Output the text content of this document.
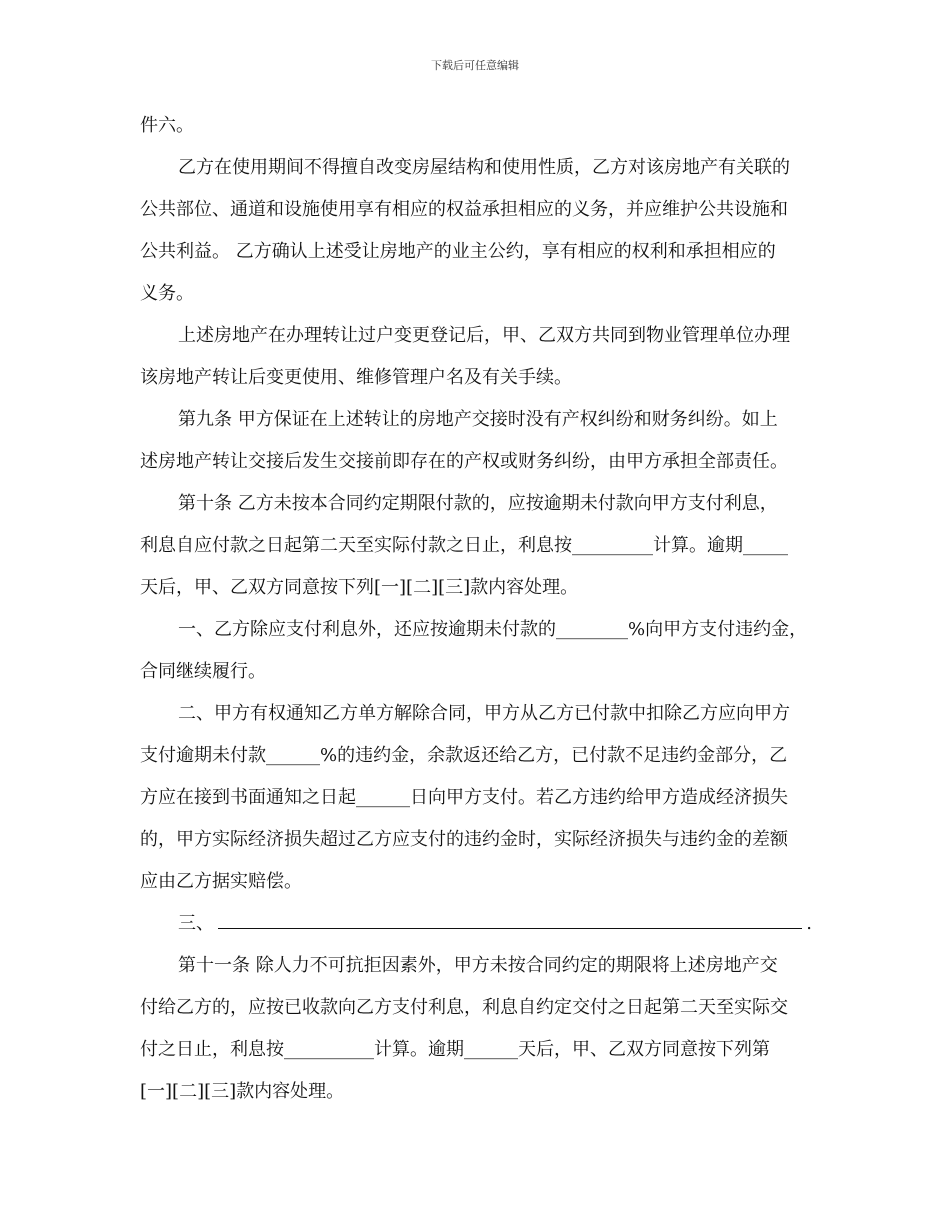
下载后可任意编辑
件六。
乙方在使用期间不得擅自改变房屋结构和使用性质，乙方对该房地产有关联的
公共部位、通道和设施使用享有相应的权益承担相应的义务，并应维护公共设施和
公共利益。 乙方确认上述受让房地产的业主公约，享有相应的权利和承担相应的
义务。
上述房地产在办理转让过户变更登记后，甲、乙双方共同到物业管理单位办理
该房地产转让后变更使用、维修管理户名及有关手续。
第九条 甲方保证在上述转让的房地产交接时没有产权纠纷和财务纠纷。如上
述房地产转让交接后发生交接前即存在的产权或财务纠纷，由甲方承担全部责任。
第十条 乙方未按本合同约定期限付款的，应按逾期未付款向甲方支付利息，
利息自应付款之日起第二天至实际付款之日止，利息按_________计算。逾期_____
天后，甲、乙双方同意按下列[一][二][三]款内容处理。
一、乙方除应支付利息外，还应按逾期未付款的________%向甲方支付违约金，
合同继续履行。
二、甲方有权通知乙方单方解除合同，甲方从乙方已付款中扣除乙方应向甲方
支付逾期未付款______%的违约金，余款返还给乙方，已付款不足违约金部分，乙
方应在接到书面通知之日起______日向甲方支付。若乙方违约给甲方造成经济损失
的，甲方实际经济损失超过乙方应支付的违约金时，实际经济损失与违约金的差额
应由乙方据实赔偿。
三、	.
第十一条 除人力不可抗拒因素外，甲方未按合同约定的期限将上述房地产交
付给乙方的，应按已收款向乙方支付利息，利息自约定交付之日起第二天至实际交
付之日止，利息按__________计算。逾期______天后，甲、乙双方同意按下列第
[一][二][三]款内容处理。
